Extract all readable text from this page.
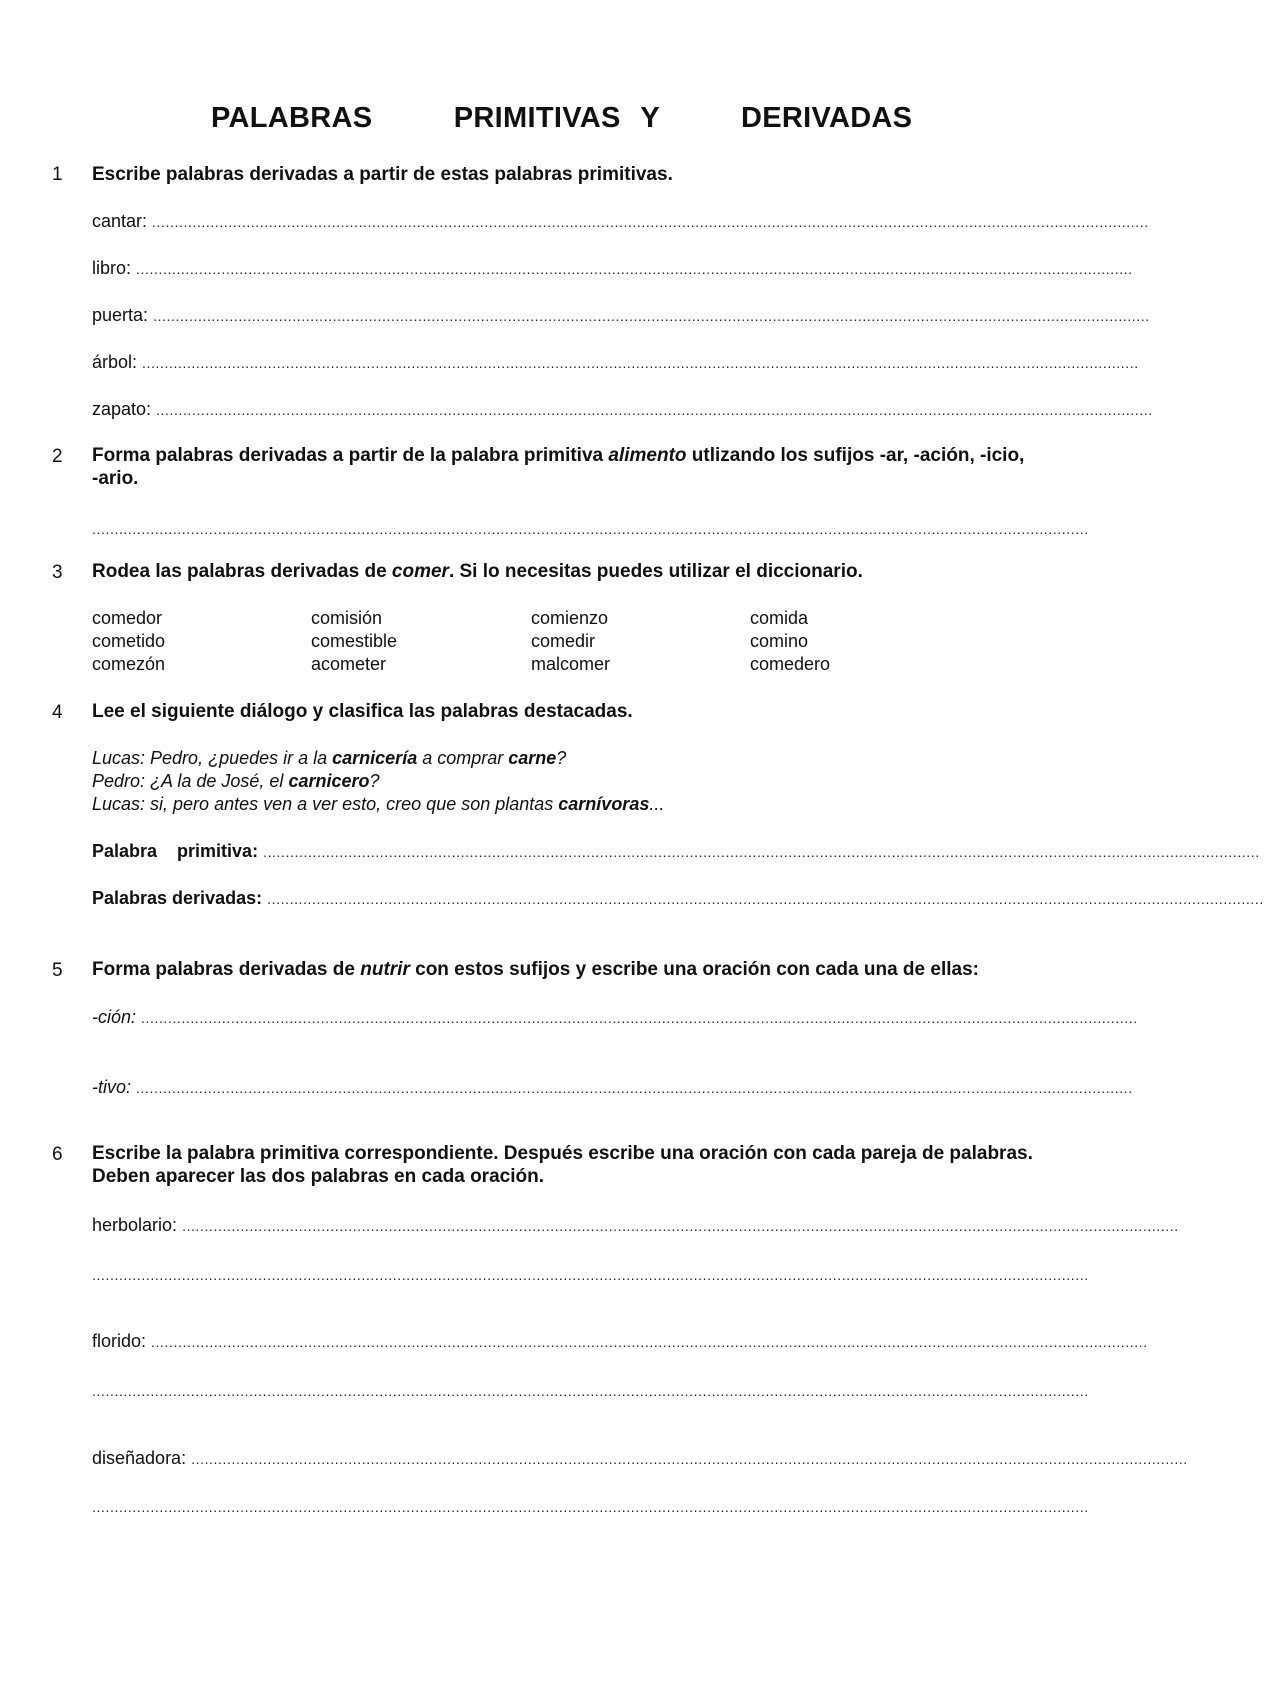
PALABRAS    PRIMITIVAS Y    DERIVADAS
1 Escribe palabras derivadas a partir de estas palabras primitivas.
cantar:
..............................................................................................................................................................................................................................
libro:
..............................................................................................................................................................................................................................
puerta:
..............................................................................................................................................................................................................................
árbol:
..............................................................................................................................................................................................................................
zapato:
..............................................................................................................................................................................................................................
2 Forma palabras derivadas a partir de la palabra primitiva alimento utlizando los sufijos -ar, -ación, -icio,
-ario.
..............................................................................................................................................................................................................................
3 Rodea las palabras derivadas de comer. Si lo necesitas puedes utilizar el diccionario.
comedor
cometido
comezón
comisión
comestible
acometer
comienzo
comedir
malcomer
comida
comino
comedero
4 Lee el siguiente diálogo y clasifica las palabras destacadas.
Lucas: Pedro, ¿puedes ir a la carnicería a comprar carne?
Pedro: ¿A la de José, el carnicero?
Lucas: si, pero antes ven a ver esto, creo que son plantas carnívoras...
Palabra    primitiva:
..............................................................................................................................................................................................................................
Palabras derivadas:
..............................................................................................................................................................................................................................
5 Forma palabras derivadas de nutrir con estos sufijos y escribe una oración con cada una de ellas:
-ción:
..............................................................................................................................................................................................................................
-tivo:
..............................................................................................................................................................................................................................
6 Escribe la palabra primitiva correspondiente. Después escribe una oración con cada pareja de palabras.
Deben aparecer las dos palabras en cada oración.
herbolario:
..............................................................................................................................................................................................................................
..............................................................................................................................................................................................................................
florido:
..............................................................................................................................................................................................................................
..............................................................................................................................................................................................................................
diseñadora:
..............................................................................................................................................................................................................................
..............................................................................................................................................................................................................................
